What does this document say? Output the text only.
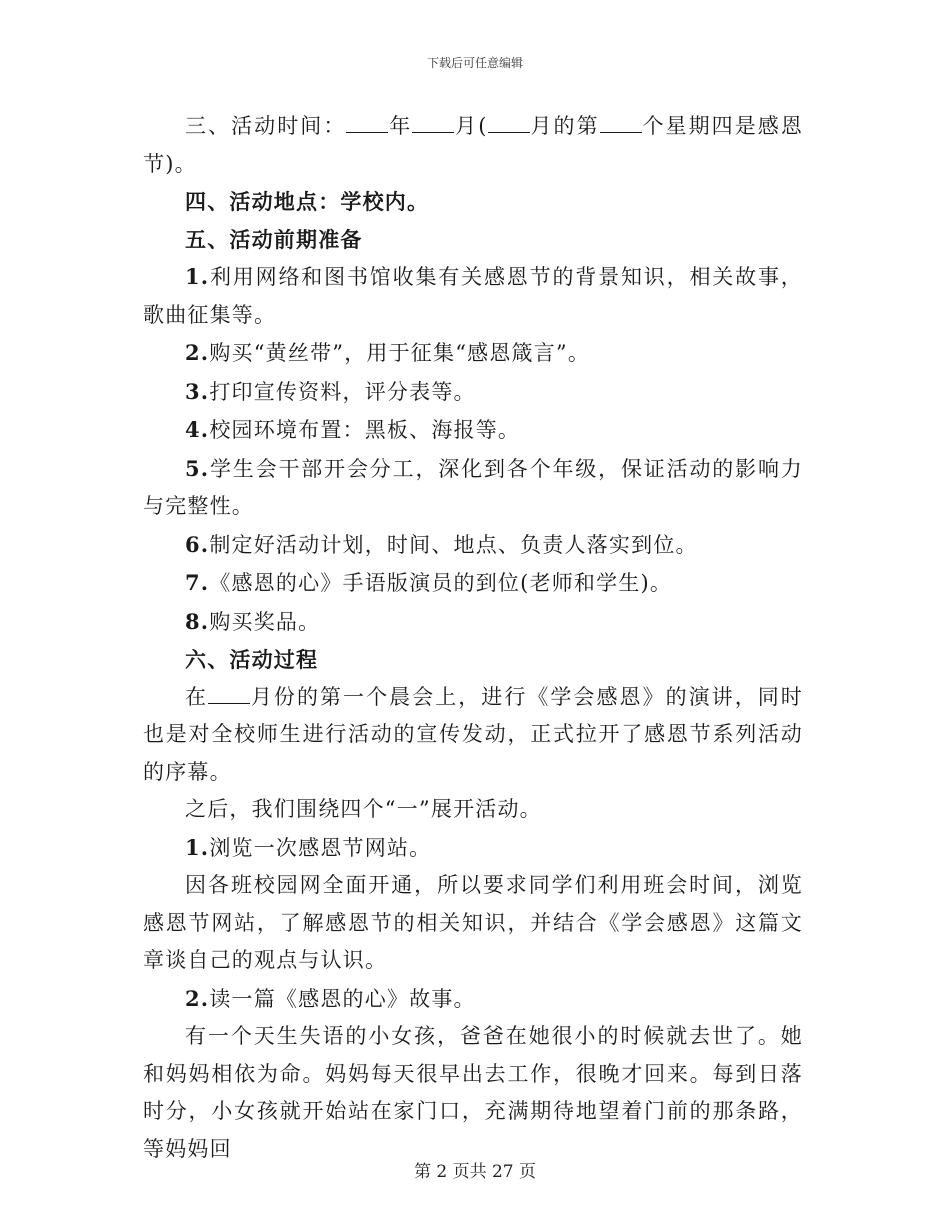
下载后可任意编辑

三、活动时间： 年 月( 月的第 个星期四是感恩节)。

四、活动地点：学校内。

五、活动前期准备

1.利用网络和图书馆收集有关感恩节的背景知识，相关故事，歌曲征集等。

2.购买“黄丝带”，用于征集“感恩箴言”。

3.打印宣传资料，评分表等。

4.校园环境布置：黑板、海报等。

5.学生会干部开会分工，深化到各个年级，保证活动的影响力与完整性。

6.制定好活动计划，时间、地点、负责人落实到位。

7.《感恩的心》手语版演员的到位(老师和学生)。

8.购买奖品。

六、活动过程

在 月份的第一个晨会上，进行《学会感恩》的演讲，同时也是对全校师生进行活动的宣传发动，正式拉开了感恩节系列活动的序幕。

之后，我们围绕四个“一”展开活动。

1.浏览一次感恩节网站。

因各班校园网全面开通，所以要求同学们利用班会时间，浏览感恩节网站，了解感恩节的相关知识，并结合《学会感恩》这篇文章谈自己的观点与认识。

2.读一篇《感恩的心》故事。

有一个天生失语的小女孩，爸爸在她很小的时候就去世了。她和妈妈相依为命。妈妈每天很早出去工作，很晚才回来。每到日落时分，小女孩就开始站在家门口，充满期待地望着门前的那条路，等妈妈回

第 2 页共 27 页
